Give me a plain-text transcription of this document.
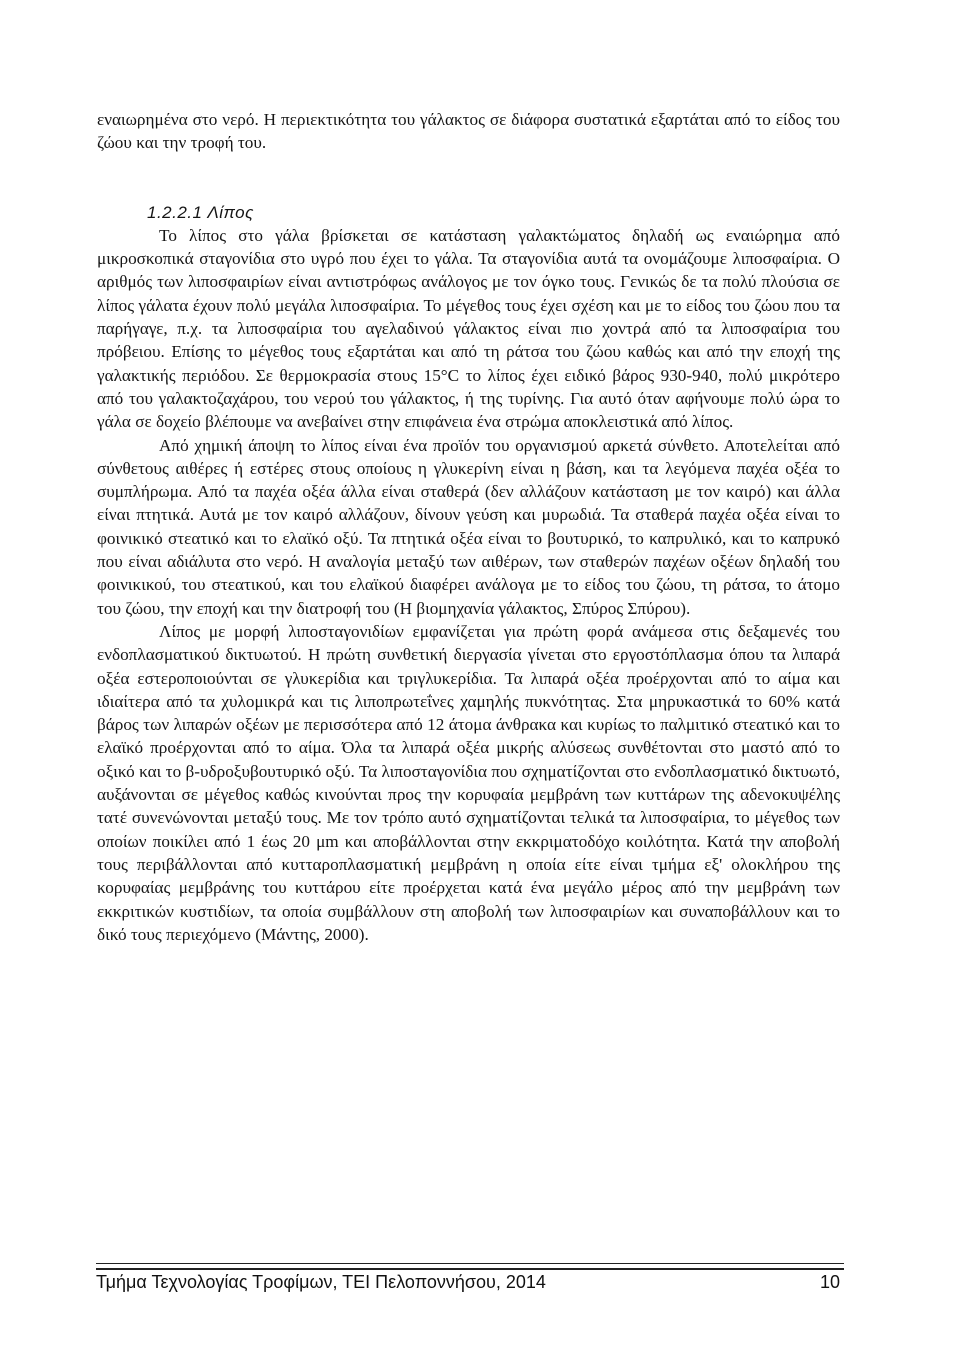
εναιωρημένα στο νερό. Η περιεκτικότητα του γάλακτος σε διάφορα συστατικά εξαρτάται από το είδος του ζώου και την τροφή του.

1.2.2.1 Λίπος

Το λίπος στο γάλα βρίσκεται σε κατάσταση γαλακτώματος δηλαδή ως εναιώρημα από μικροσκοπικά σταγονίδια στο υγρό που έχει το γάλα. Τα σταγονίδια αυτά τα ονομάζουμε λιποσφαίρια. Ο αριθμός των λιποσφαιρίων είναι αντιστρόφως ανάλογος με τον όγκο τους. Γενικώς δε τα πολύ πλούσια σε λίπος γάλατα έχουν πολύ μεγάλα λιποσφαίρια. Το μέγεθος τους έχει σχέση και με το είδος του ζώου που τα παρήγαγε, π.χ. τα λιποσφαίρια του αγελαδινού γάλακτος είναι πιο χοντρά από τα λιποσφαίρια του πρόβειου. Επίσης το μέγεθος τους εξαρτάται και από τη ράτσα του ζώου καθώς και από την εποχή της γαλακτικής περιόδου. Σε θερμοκρασία στους 15°C το λίπος έχει ειδικό βάρος 930-940, πολύ μικρότερο από του γαλακτοζαχάρου, του νερού του γάλακτος, ή της τυρίνης. Για αυτό όταν αφήνουμε πολύ ώρα το γάλα σε δοχείο βλέπουμε να ανεβαίνει στην επιφάνεια ένα στρώμα αποκλειστικά από λίπος.

Από χημική άποψη το λίπος είναι ένα προϊόν του οργανισμού αρκετά σύνθετο. Αποτελείται από σύνθετους αιθέρες ή εστέρες στους οποίους η γλυκερίνη είναι η βάση, και τα λεγόμενα παχέα οξέα το συμπλήρωμα. Από τα παχέα οξέα άλλα είναι σταθερά (δεν αλλάζουν κατάσταση με τον καιρό) και άλλα είναι πτητικά. Αυτά με τον καιρό αλλάζουν, δίνουν γεύση και μυρωδιά. Τα σταθερά παχέα οξέα είναι το φοινικικό στεατικό και το ελαϊκό οξύ. Τα πτητικά οξέα είναι το βουτυρικό, το καπρυλικό, και το καπρυκό που είναι αδιάλυτα στο νερό. Η αναλογία μεταξύ των αιθέρων, των σταθερών παχέων οξέων δηλαδή του φοινικικού, του στεατικού, και του ελαϊκού διαφέρει ανάλογα με το είδος του ζώου, τη ράτσα, το άτομο του ζώου, την εποχή και την διατροφή του (Η βιομηχανία γάλακτος, Σπύρος Σπύρου).

Λίπος με μορφή λιποσταγονιδίων εμφανίζεται για πρώτη φορά ανάμεσα στις δεξαμενές του ενδοπλασματικού δικτυωτού. Η πρώτη συνθετική διεργασία γίνεται στο εργοστόπλασμα όπου τα λιπαρά οξέα εστεροποιούνται σε γλυκερίδια και τριγλυκερίδια. Τα λιπαρά οξέα προέρχονται από το αίμα και ιδιαίτερα από τα χυλομικρά και τις λιποπρωτεΐνες χαμηλής πυκνότητας. Στα μηρυκαστικά το 60% κατά βάρος των λιπαρών οξέων με περισσότερα από 12 άτομα άνθρακα και κυρίως το παλμιτικό στεατικό και το ελαϊκό προέρχονται από το αίμα. Όλα τα λιπαρά οξέα μικρής αλύσεως συνθέτονται στο μαστό από το οξικό και το β-υδροξυβουτυρικό οξύ. Τα λιποσταγονίδια που σχηματίζονται στο ενδοπλασματικό δικτυωτό, αυξάνονται σε μέγεθος καθώς κινούνται προς την κορυφαία μεμβράνη των κυττάρων της αδενοκυψέλης τατέ συνενώνονται μεταξύ τους. Με τον τρόπο αυτό σχηματίζονται τελικά τα λιποσφαίρια, το μέγεθος των οποίων ποικίλει από 1 έως 20 μm και αποβάλλονται στην εκκριματοδόχο κοιλότητα. Κατά την αποβολή τους περιβάλλονται από κυτταροπλασματική μεμβράνη η οποία είτε είναι τμήμα εξ' ολοκλήρου της κορυφαίας μεμβράνης του κυττάρου είτε προέρχεται κατά ένα μεγάλο μέρος από την μεμβράνη των εκκριτικών κυστιδίων, τα οποία συμβάλλουν στη αποβολή των λιποσφαιρίων και συναποβάλλουν και το δικό τους περιεχόμενο (Μάντης, 2000).

Τμήμα Τεχνολογίας Τροφίμων, ΤΕΙ Πελοποννήσου, 2014	10
